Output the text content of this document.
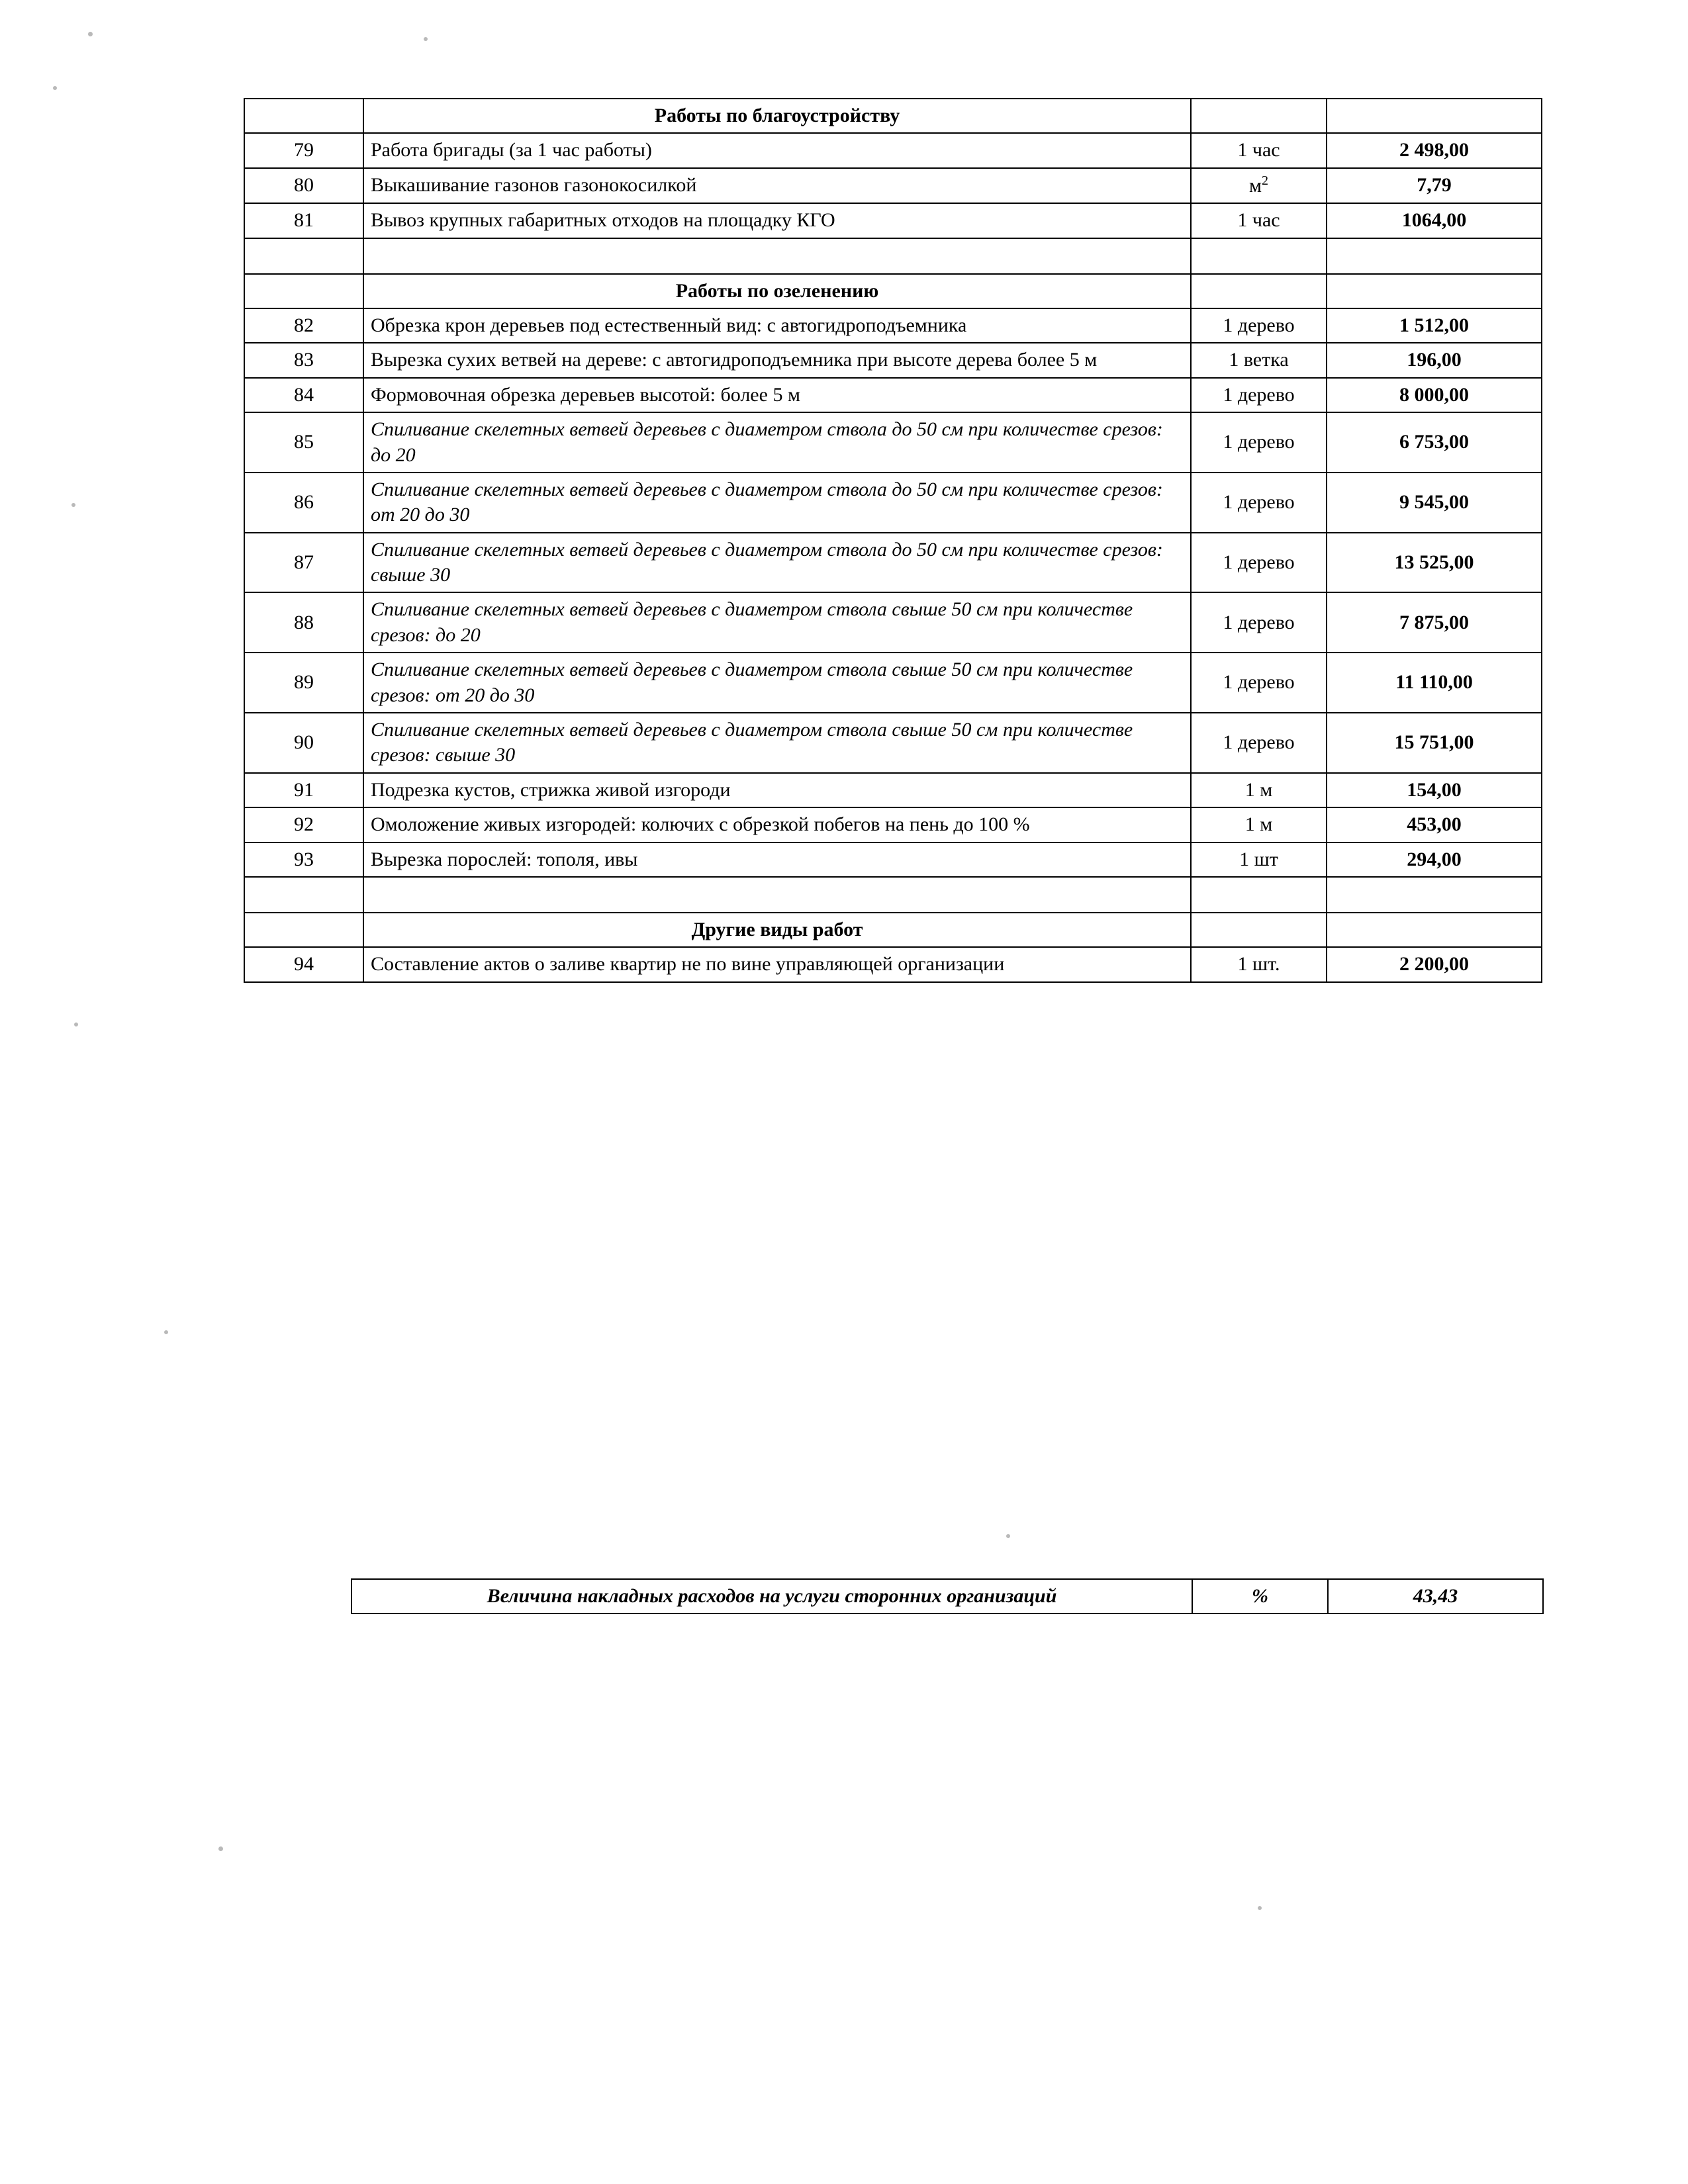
	Работы по благоустройству		
79	Работа бригады (за 1 час работы)	1 час	2 498,00
80	Выкашивание газонов газонокосилкой	$м^2$	7,79
81	Вывоз крупных габаритных отходов на площадку КГО	1 час	1064,00

	Работы по озеленению		
82	Обрезка крон деревьев под естественный вид: с автогидроподъемника	1 дерево	1 512,00
83	Вырезка сухих ветвей на дереве: с автогидроподъемника при высоте дерева более 5 м	1 ветка	196,00
84	Формовочная обрезка деревьев высотой: более 5 м	1 дерево	8 000,00
85	Спиливание скелетных ветвей деревьев с диаметром ствола до 50 см при количестве срезов: до 20	1 дерево	6 753,00
86	Спиливание скелетных ветвей деревьев с диаметром ствола до 50 см при количестве срезов: от 20 до 30	1 дерево	9 545,00
87	Спиливание скелетных ветвей деревьев с диаметром ствола до 50 см при количестве срезов: свыше 30	1 дерево	13 525,00
88	Спиливание скелетных ветвей деревьев с диаметром ствола свыше 50 см при количестве срезов: до 20	1 дерево	7 875,00
89	Спиливание скелетных ветвей деревьев с диаметром ствола свыше 50 см при количестве срезов: от 20 до 30	1 дерево	11 110,00
90	Спиливание скелетных ветвей деревьев с диаметром ствола свыше 50 см при количестве срезов: свыше 30	1 дерево	15 751,00
91	Подрезка кустов, стрижка живой изгороди	1 м	154,00
92	Омоложение живых изгородей: колючих с обрезкой побегов на пень до 100 %	1 м	453,00
93	Вырезка порослей: тополя, ивы	1 шт	294,00

	Другие виды работ		
94	Составление актов о заливе квартир не по вине управляющей организации	1 шт.	2 200,00
Величина накладных расходов на услуги сторонних организаций	%	43,43
